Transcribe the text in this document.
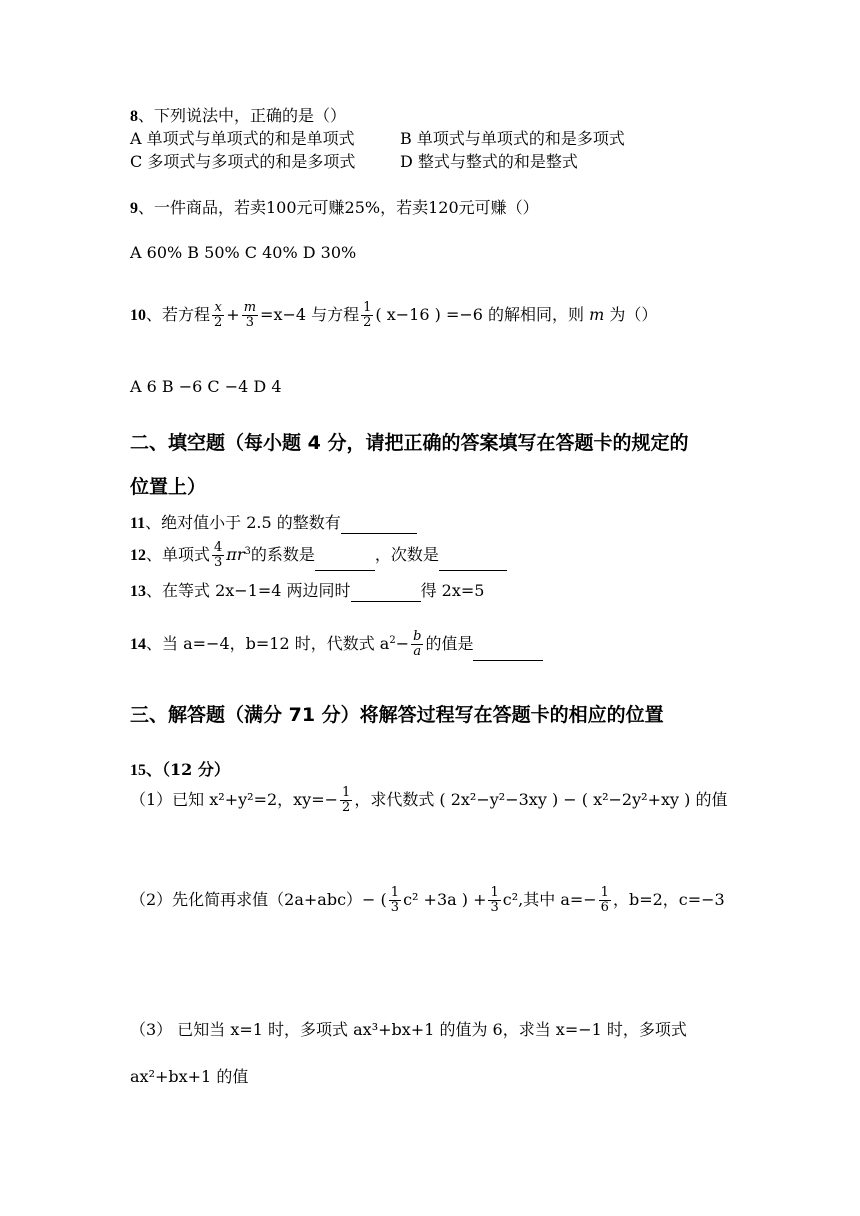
8、下列说法中，正确的是（）
A 单项式与单项式的和是单项式	B 单项式与单项式的和是多项式
C 多项式与多项式的和是多项式	D 整式与整式的和是整式
9、一件商品，若卖100元可赚25%，若卖120元可赚（）
A 60% B 50% C 40% D 30%
10、若方程 $\frac{x}{2} + \frac{m}{3} =x-4$ 与方程 $\frac{1}{2}$ ( x−16 ) =−6 的解相同，则 m 为（）
A 6 B −6 C −4 D 4
二、填空题（每小题 4 分，请把正确的答案填写在答题卡的规定的
位置上）
11、绝对值小于 2.5 的整数有
12、单项式 $\frac{4}{3} \pi r^3$的系数是	，次数是
13、在等式 2x−1=4 两边同时	得 2x=5
14、当 a=−4，b=12 时，代数式 $a^2- \frac{b}{a}$ 的值是
三、解答题（满分 71 分）将解答过程写在答题卡的相应的位置
15、（12 分）
（1）已知 x²+y²=2，$xy=- \frac{1}{2}$ ，求代数式 ( 2x²−y²−3xy ) − ( x²−2y²+xy ) 的值
（2）先化简再求值（2a+abc）− ( $\frac{1}{3} c^2 +3a$ ) + $\frac{1}{3} c^2$,其中 $a=- \frac{1}{6}$ ，b=2，c=−3
（3） 已知当 x=1 时，多项式 ax³+bx+1 的值为 6，求当 x=−1 时，多项式
ax²+bx+1 的值
